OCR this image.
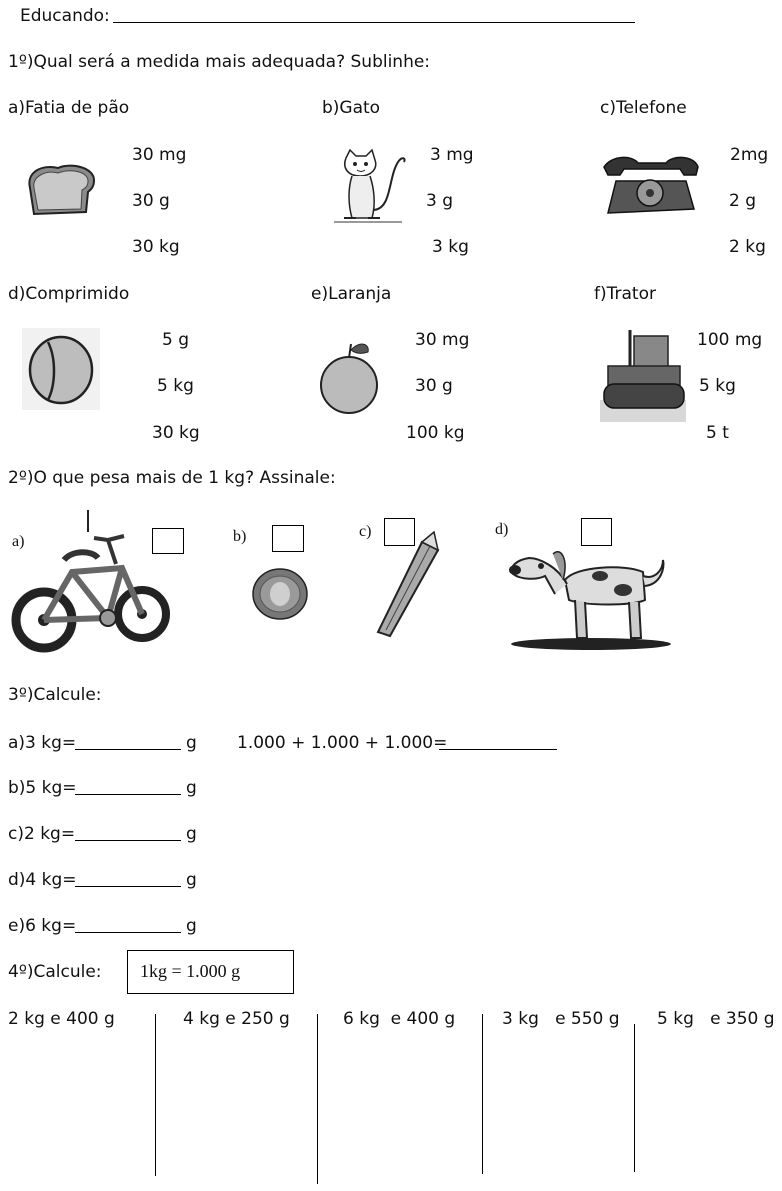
Educando:
1º)Qual será a medida mais adequada? Sublinhe:
a)Fatia de pão	b)Gato	c)Telefone
30 mg
30 g
30 kg
3 mg
3 g
3 kg
2mg
2 g
2 kg
d)Comprimido	e)Laranja	f)Trator
5 g
5 kg
30 kg
30 mg
30 g
100 kg
100 mg
5 kg
5 t
2º)O que pesa mais de 1 kg? Assinale:
a)	b)	c)	d)
3º)Calcule:
a)3 kg=	g 1.000 + 1.000 + 1.000=
b)5 kg=	g
c)2 kg=	g
d)4 kg=	g
e)6 kg=	g
4º)Calcule: 1kg = 1.000 g
2 kg e 400 g	4 kg e 250 g	6 kg  e 400 g	3 kg   e 550 g 5 kg   e 350 g
